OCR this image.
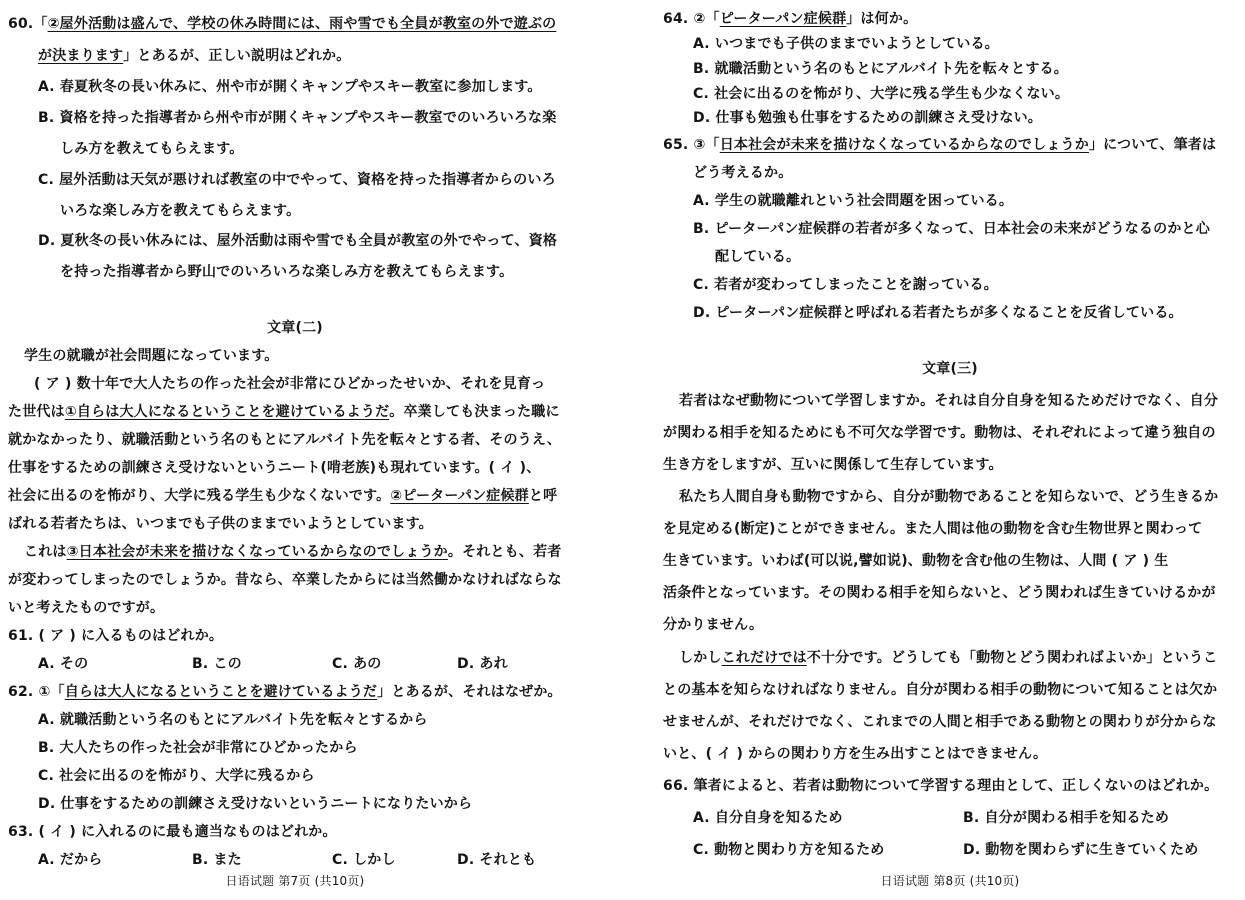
60.「②屋外活動は盛んで、学校の休み時間には、雨や雪でも全員が教室の外で遊ぶの
が決まります」とあるが、正しい説明はどれか。
A. 春夏秋冬の長い休みに、州や市が開くキャンプやスキー教室に参加します。
B. 資格を持った指導者から州や市が開くキャンプやスキー教室でのいろいろな楽
しみ方を教えてもらえます。
C. 屋外活動は天気が悪ければ教室の中でやって、資格を持った指導者からのいろ
いろな楽しみ方を教えてもらえます。
D. 夏秋冬の長い休みには、屋外活動は雨や雪でも全員が教室の外でやって、資格
を持った指導者から野山でのいろいろな楽しみ方を教えてもらえます。
文章(二)
学生の就職が社会問題になっています。
( ア ) 数十年で大人たちの作った社会が非常にひどかったせいか、それを見育っ
た世代は①自らは大人になるということを避けているようだ。卒業しても決まった職に
就かなかったり、就職活動という名のもとにアルバイト先を転々とする者、そのうえ、
仕事をするための訓練さえ受けないというニート(啃老族)も現れています。( イ )、
社会に出るのを怖がり、大学に残る学生も少なくないです。②ピーターパン症候群と呼
ばれる若者たちは、いつまでも子供のままでいようとしています。
これは③日本社会が未来を描けなくなっているからなのでしょうか。それとも、若者
が変わってしまったのでしょうか。昔なら、卒業したからには当然働かなければならな
いと考えたものですが。
61. ( ア ) に入るものはどれか。
A. その	B. この	C. あの	D. あれ
62. ①「自らは大人になるということを避けているようだ」とあるが、それはなぜか。
A. 就職活動という名のもとにアルバイト先を転々とするから
B. 大人たちの作った社会が非常にひどかったから
C. 社会に出るのを怖がり、大学に残るから
D. 仕事をするための訓練さえ受けないというニートになりたいから
63. ( イ ) に入れるのに最も適当なものはどれか。
A. だから	B. また	C. しかし	D. それとも
日语试题 第7页 (共10页)
64. ②「ピーターパン症候群」は何か。
A. いつまでも子供のままでいようとしている。
B. 就職活動という名のもとにアルバイト先を転々とする。
C. 社会に出るのを怖がり、大学に残る学生も少なくない。
D. 仕事も勉強も仕事をするための訓練さえ受けない。
65. ③「日本社会が未来を描けなくなっているからなのでしょうか」について、筆者は
どう考えるか。
A. 学生の就職離れという社会問題を困っている。
B. ピーターパン症候群の若者が多くなって、日本社会の未来がどうなるのかと心
配している。
C. 若者が変わってしまったことを謝っている。
D. ピーターパン症候群と呼ばれる若者たちが多くなることを反省している。
文章(三)
若者はなぜ動物について学習しますか。それは自分自身を知るためだけでなく、自分
が関わる相手を知るためにも不可欠な学習です。動物は、それぞれによって違う独自の
生き方をしますが、互いに関係して生存しています。
私たち人間自身も動物ですから、自分が動物であることを知らないで、どう生きるか
を見定める(断定)ことができません。また人間は他の動物を含む生物世界と関わって
生きています。いわば(可以说,譬如说)、動物を含む他の生物は、人間 ( ア ) 生
活条件となっています。その関わる相手を知らないと、どう関われば生きていけるかが
分かりません。
しかしこれだけでは不十分です。どうしても「動物とどう関わればよいか」というこ
との基本を知らなければなりません。自分が関わる相手の動物について知ることは欠か
せませんが、それだけでなく、これまでの人間と相手である動物との関わりが分からな
いと、( イ ) からの関わり方を生み出すことはできません。
66. 筆者によると、若者は動物について学習する理由として、正しくないのはどれか。
A. 自分自身を知るため	B. 自分が関わる相手を知るため
C. 動物と関わり方を知るため	D. 動物を関わらずに生きていくため
日语试题 第8页 (共10页)
